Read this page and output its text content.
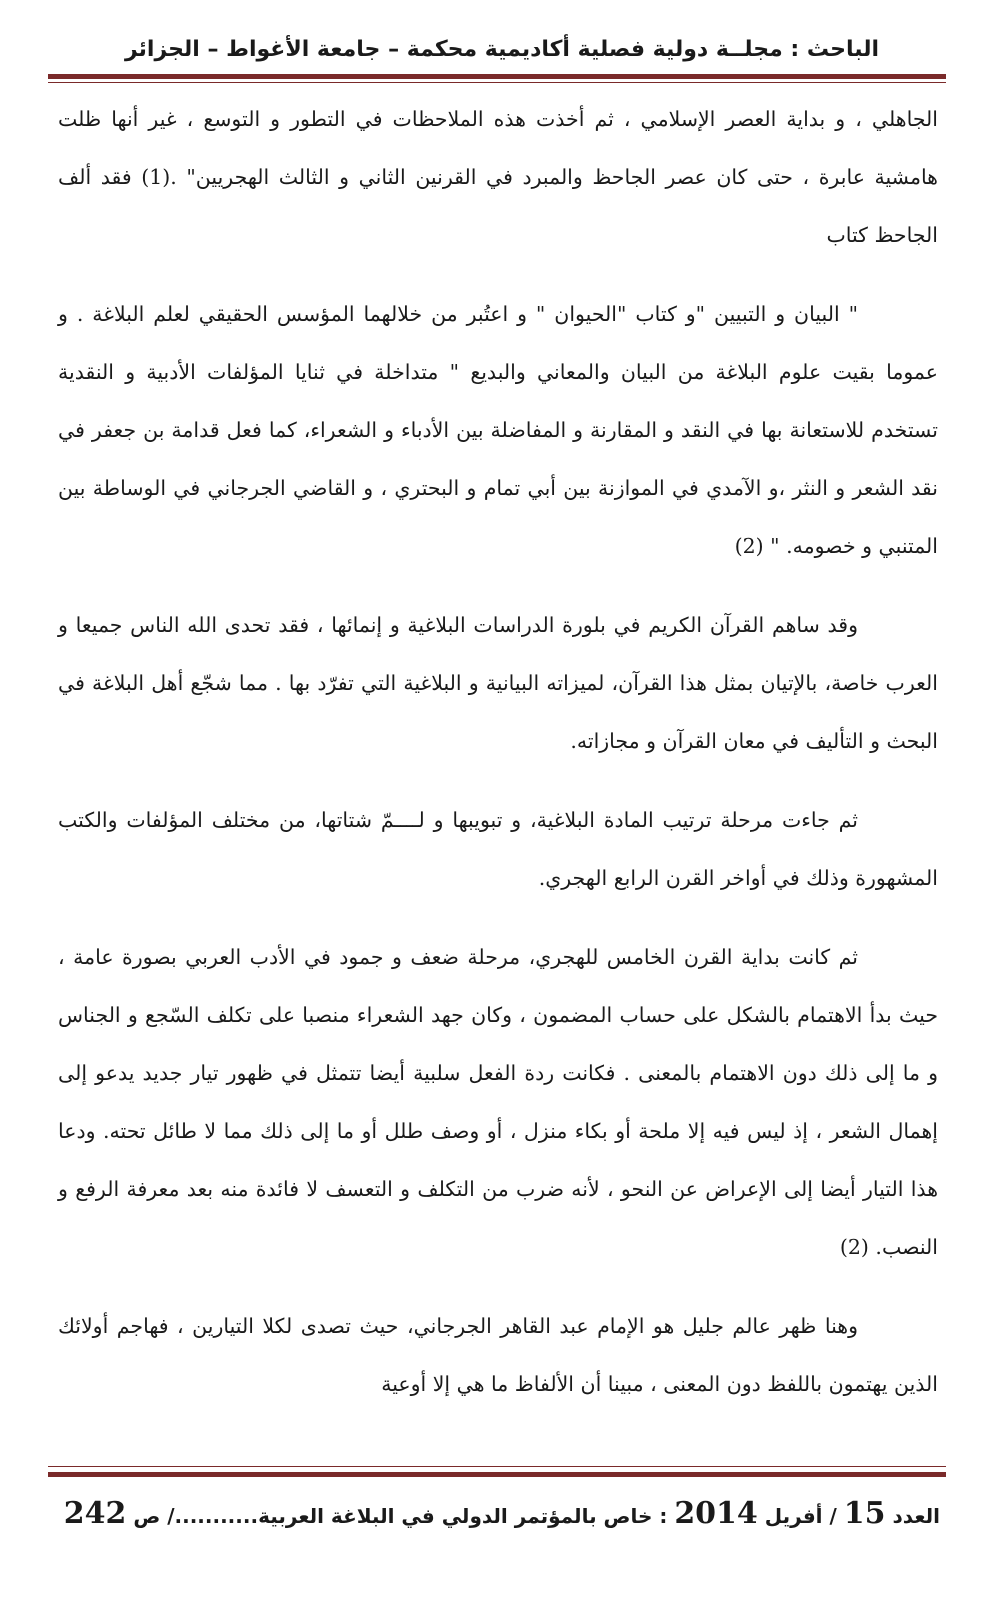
الباحث : مجلــة دولية فصلية أكاديمية محكمة – جامعة الأغواط – الجزائر

الجاهلي ، و بداية العصر الإسلامي ، ثم أخذت هذه الملاحظات في التطور و التوسع ، غير أنها ظلت هامشية عابرة ، حتى كان عصر الجاحظ والمبرد في القرنين الثاني و الثالث الهجريين" .(1) فقد ألف الجاحظ كتاب

" البيان و التبيين "و كتاب "الحيوان " و اعتُبر من خلالهما المؤسس الحقيقي لعلم البلاغة . و عموما بقيت علوم البلاغة من البيان والمعاني والبديع " متداخلة في ثنايا المؤلفات الأدبية و النقدية تستخدم للاستعانة بها في النقد و المقارنة و المفاضلة بين الأدباء و الشعراء، كما فعل قدامة بن جعفر في نقد الشعر و النثر ،و الآمدي في الموازنة بين أبي تمام و البحتري ، و القاضي الجرجاني في الوساطة بين المتنبي و خصومه. " (2)

وقد ساهم القرآن الكريم في بلورة الدراسات البلاغية و إنمائها ، فقد تحدى الله الناس جميعا و العرب خاصة، بالإتيان بمثل هذا القرآن، لميزاته البيانية و البلاغية التي تفرّد بها . مما شجّع أهل البلاغة في البحث و التأليف في معان القرآن و مجازاته.

ثم جاءت مرحلة ترتيب المادة البلاغية، و تبويبها و لــــمّ شتاتها، من مختلف المؤلفات والكتب المشهورة وذلك في أواخر القرن الرابع الهجري.

ثم كانت بداية القرن الخامس للهجري، مرحلة ضعف و جمود في الأدب العربي بصورة عامة ، حيث بدأ الاهتمام بالشكل على حساب المضمون ، وكان جهد الشعراء منصبا على تكلف السّجع و الجناس و ما إلى ذلك دون الاهتمام بالمعنى . فكانت ردة الفعل سلبية أيضا تتمثل في ظهور تيار جديد يدعو إلى إهمال الشعر ، إذ ليس فيه إلا ملحة أو بكاء منزل ، أو وصف طلل أو ما إلى ذلك مما لا طائل تحته. ودعا هذا التيار أيضا إلى الإعراض عن النحو ، لأنه ضرب من التكلف و التعسف لا فائدة منه بعد معرفة الرفع و النصب. (2)

وهنا ظهر عالم جليل هو الإمام عبد القاهر الجرجاني، حيث تصدى لكلا التيارين ، فهاجم أولائك الذين يهتمون باللفظ دون المعنى ، مبينا أن الألفاظ ما هي إلا أوعية

العدد 15 / أفريل 2014 : خاص بالمؤتمر الدولي في البلاغة العربية.........../ ص 242
